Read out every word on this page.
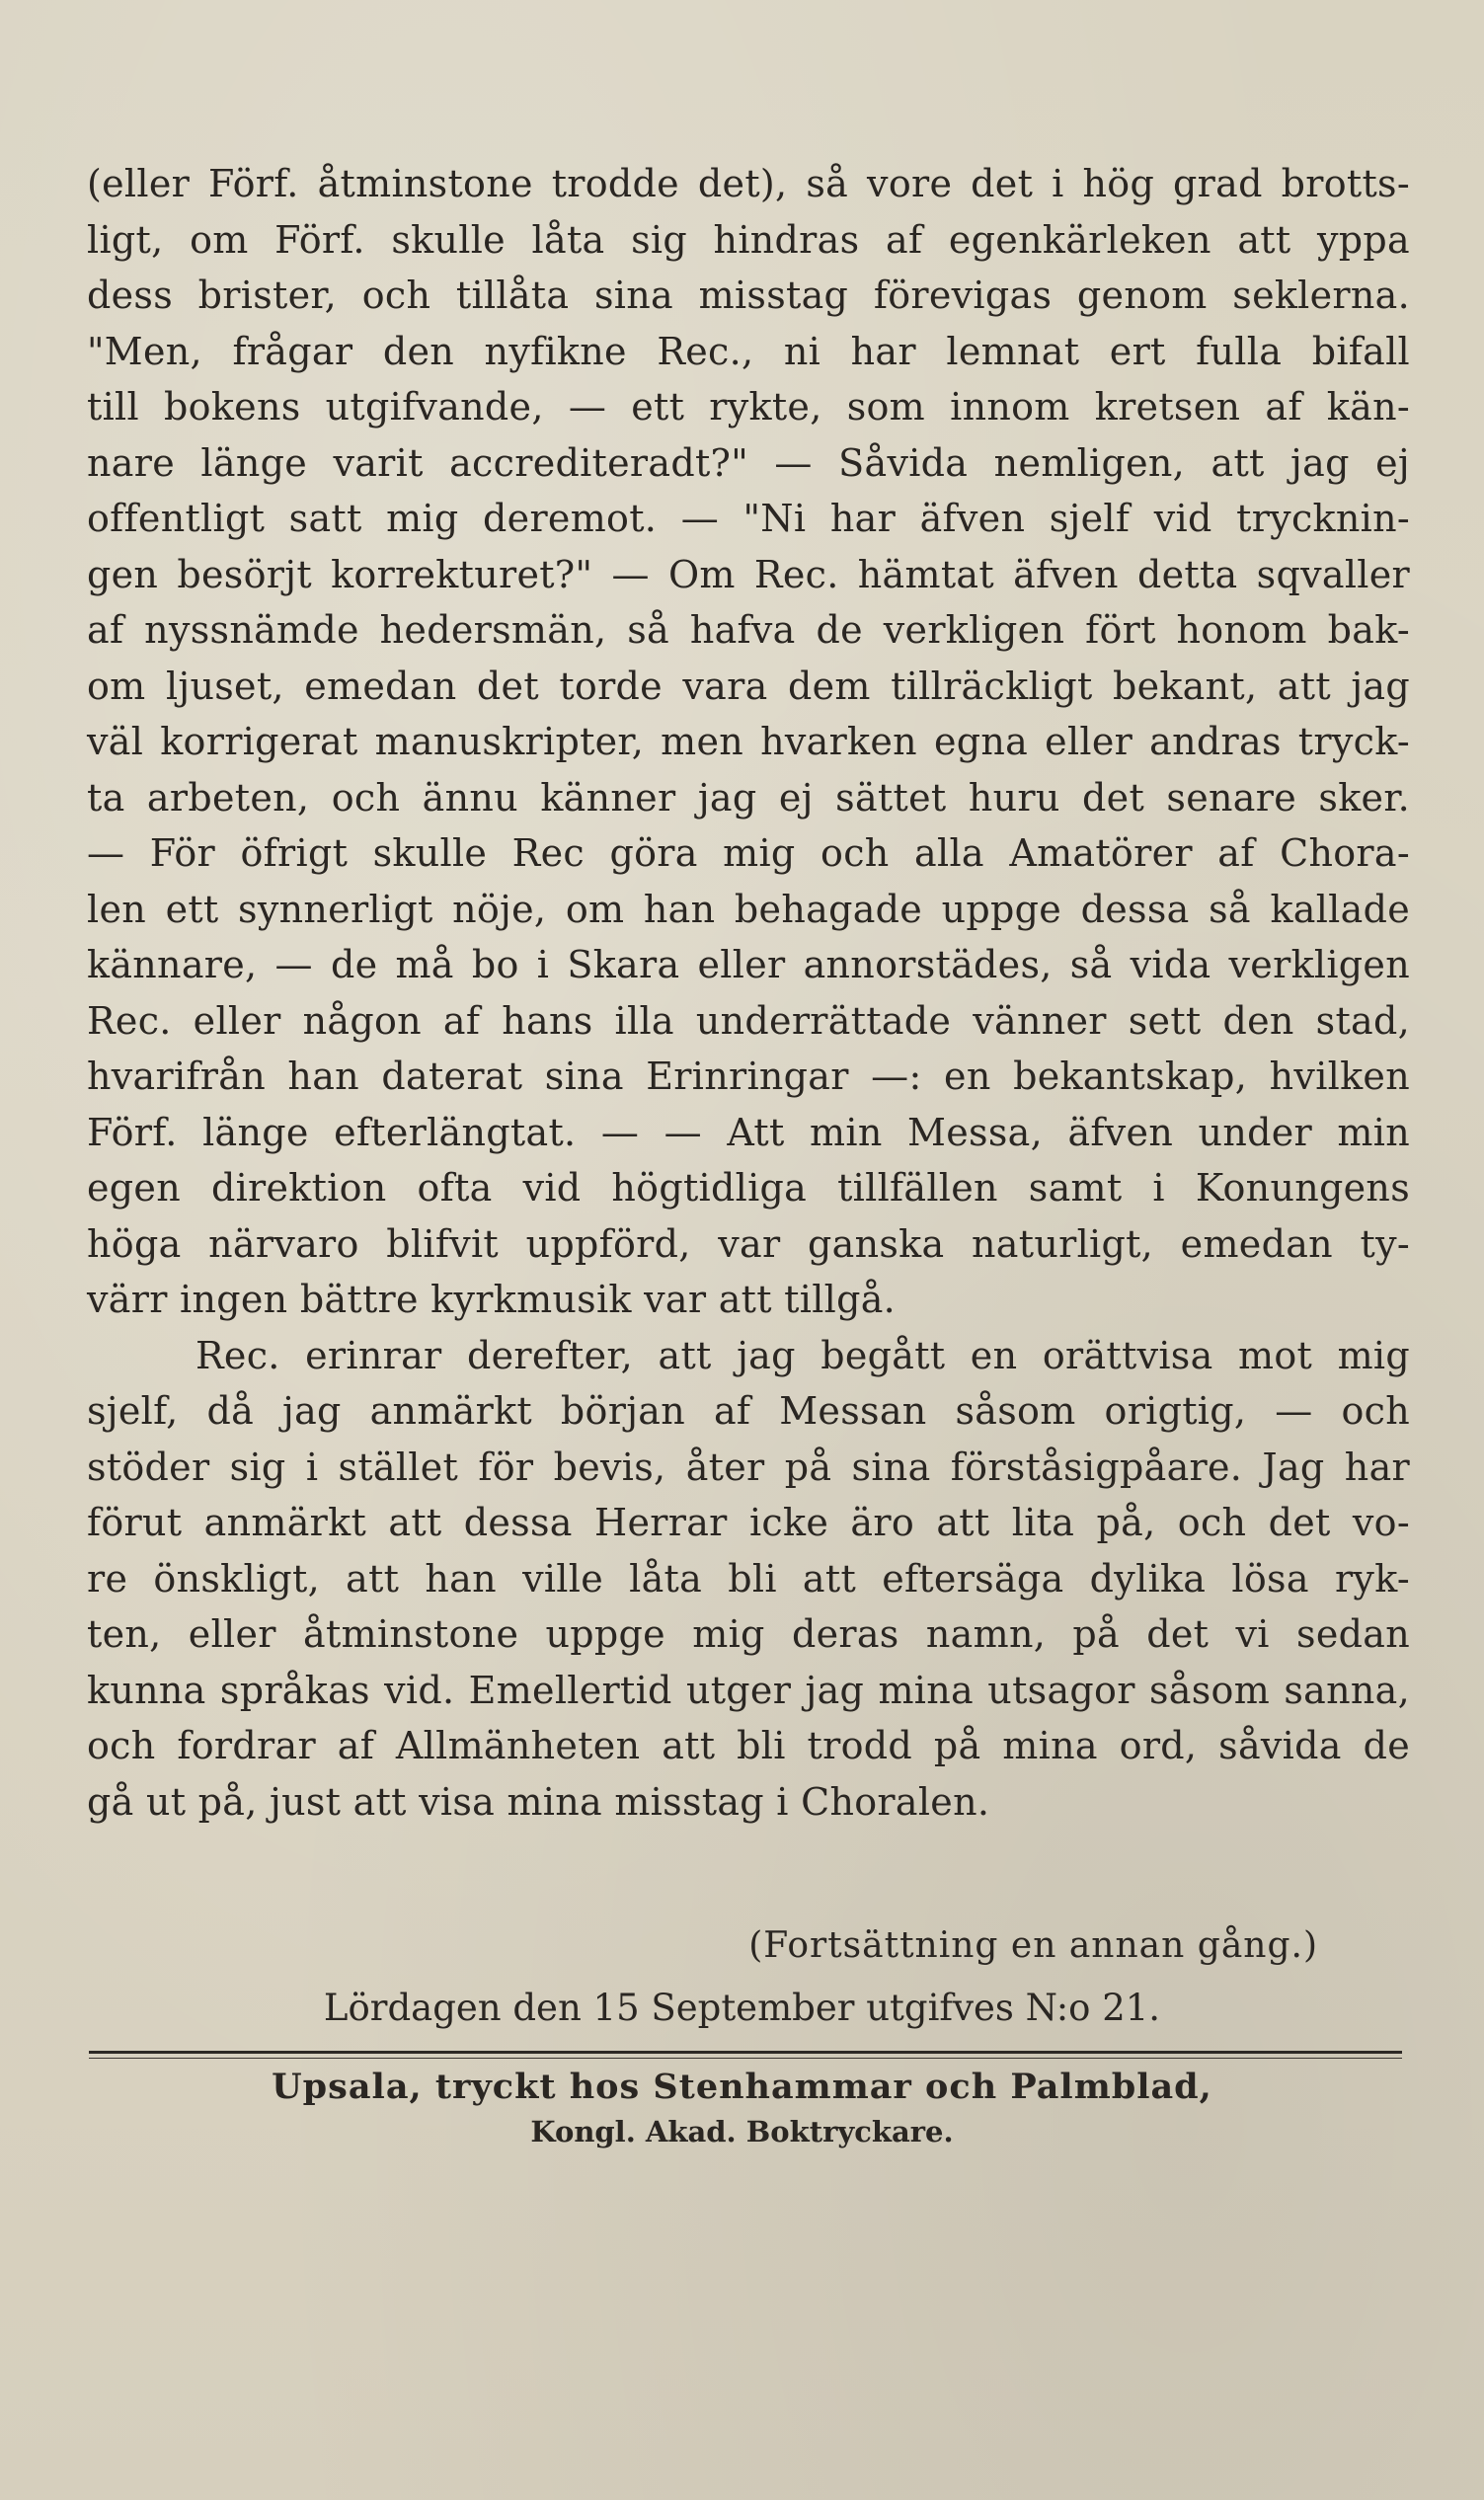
(eller Förf. åtminstone trodde det), så vore det i hög grad brotts-
ligt, om Förf. skulle låta sig hindras af egenkärleken att yppa
dess brister, och tillåta sina misstag förevigas genom seklerna.
"Men, frågar den nyfikne Rec., ni har lemnat ert fulla bifall
till bokens utgifvande, — ett rykte, som innom kretsen af kän-
nare länge varit accrediteradt?" — Såvida nemligen, att jag ej
offentligt satt mig deremot. — "Ni har äfven sjelf vid trycknin-
gen besörjt korrekturet?" — Om Rec. hämtat äfven detta sqvaller
af nyssnämde hedersmän, så hafva de verkligen fört honom bak-
om ljuset, emedan det torde vara dem tillräckligt bekant, att jag
väl korrigerat manuskripter, men hvarken egna eller andras tryck-
ta arbeten, och ännu känner jag ej sättet huru det senare sker.
— För öfrigt skulle Rec göra mig och alla Amatörer af Chora-
len ett synnerligt nöje, om han behagade uppge dessa så kallade
kännare, — de må bo i Skara eller annorstädes, så vida verkligen
Rec. eller någon af hans illa underrättade vänner sett den stad,
hvarifrån han daterat sina Erinringar —: en bekantskap, hvilken
Förf. länge efterlängtat. — — Att min Messa, äfven under min
egen direktion ofta vid högtidliga tillfällen samt i Konungens
höga närvaro blifvit uppförd, var ganska naturligt, emedan ty-
värr ingen bättre kyrkmusik var att tillgå.
Rec. erinrar derefter, att jag begått en orättvisa mot mig
sjelf, då jag anmärkt början af Messan såsom origtig, — och
stöder sig i stället för bevis, åter på sina förståsigpåare. Jag har
förut anmärkt att dessa Herrar icke äro att lita på, och det vo-
re önskligt, att han ville låta bli att eftersäga dylika lösa ryk-
ten, eller åtminstone uppge mig deras namn, på det vi sedan
kunna språkas vid. Emellertid utger jag mina utsagor såsom sanna,
och fordrar af Allmänheten att bli trodd på mina ord, såvida de
gå ut på, just att visa mina misstag i Choralen.
(Fortsättning en annan gång.)
Lördagen den 15 September utgifves N:o 21.
Upsala, tryckt hos Stenhammar och Palmblad,
Kongl. Akad. Boktryckare.
